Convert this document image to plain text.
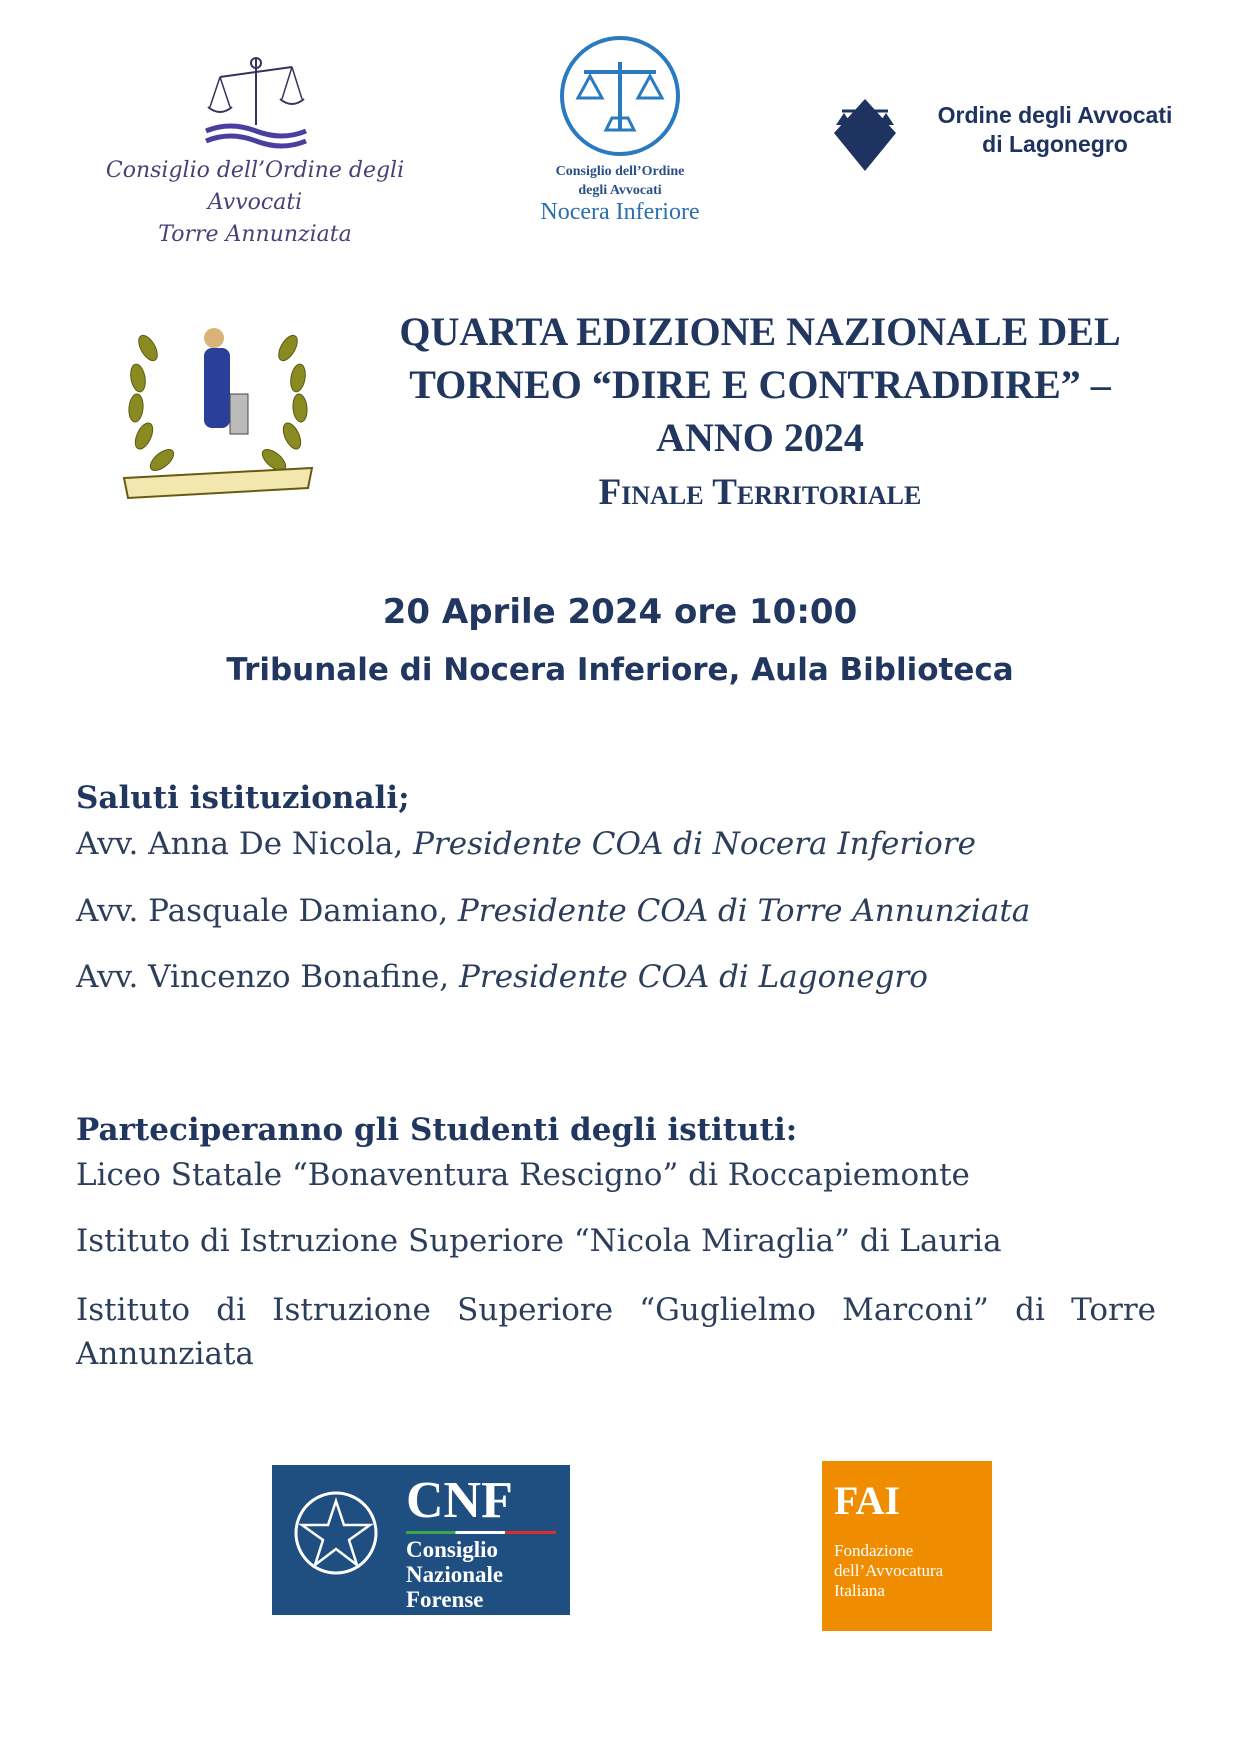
Consiglio dell’Ordine degli Avvocati
Torre Annunziata
Consiglio dell’Ordine
degli Avvocati
Nocera Inferiore
Ordine degli Avvocati
di Lagonegro
QUARTA EDIZIONE NAZIONALE DEL
TORNEO “DIRE E CONTRADDIRE” –
ANNO 2024
Finale Territoriale
20 Aprile 2024 ore 10:00
Tribunale di Nocera Inferiore, Aula Biblioteca
Saluti istituzionali;
Avv. Anna De Nicola, Presidente COA di Nocera Inferiore
Avv. Pasquale Damiano, Presidente COA di Torre Annunziata
Avv. Vincenzo Bonafine, Presidente COA di Lagonegro
Parteciperanno gli Studenti degli istituti:
Liceo Statale “Bonaventura Rescigno” di Roccapiemonte
Istituto di Istruzione Superiore “Nicola Miraglia” di Lauria
Istituto di Istruzione Superiore “Guglielmo Marconi” di Torre Annunziata
CNF
Consiglio
Nazionale
Forense
FAI
Fondazione
dell’Avvocatura
Italiana
